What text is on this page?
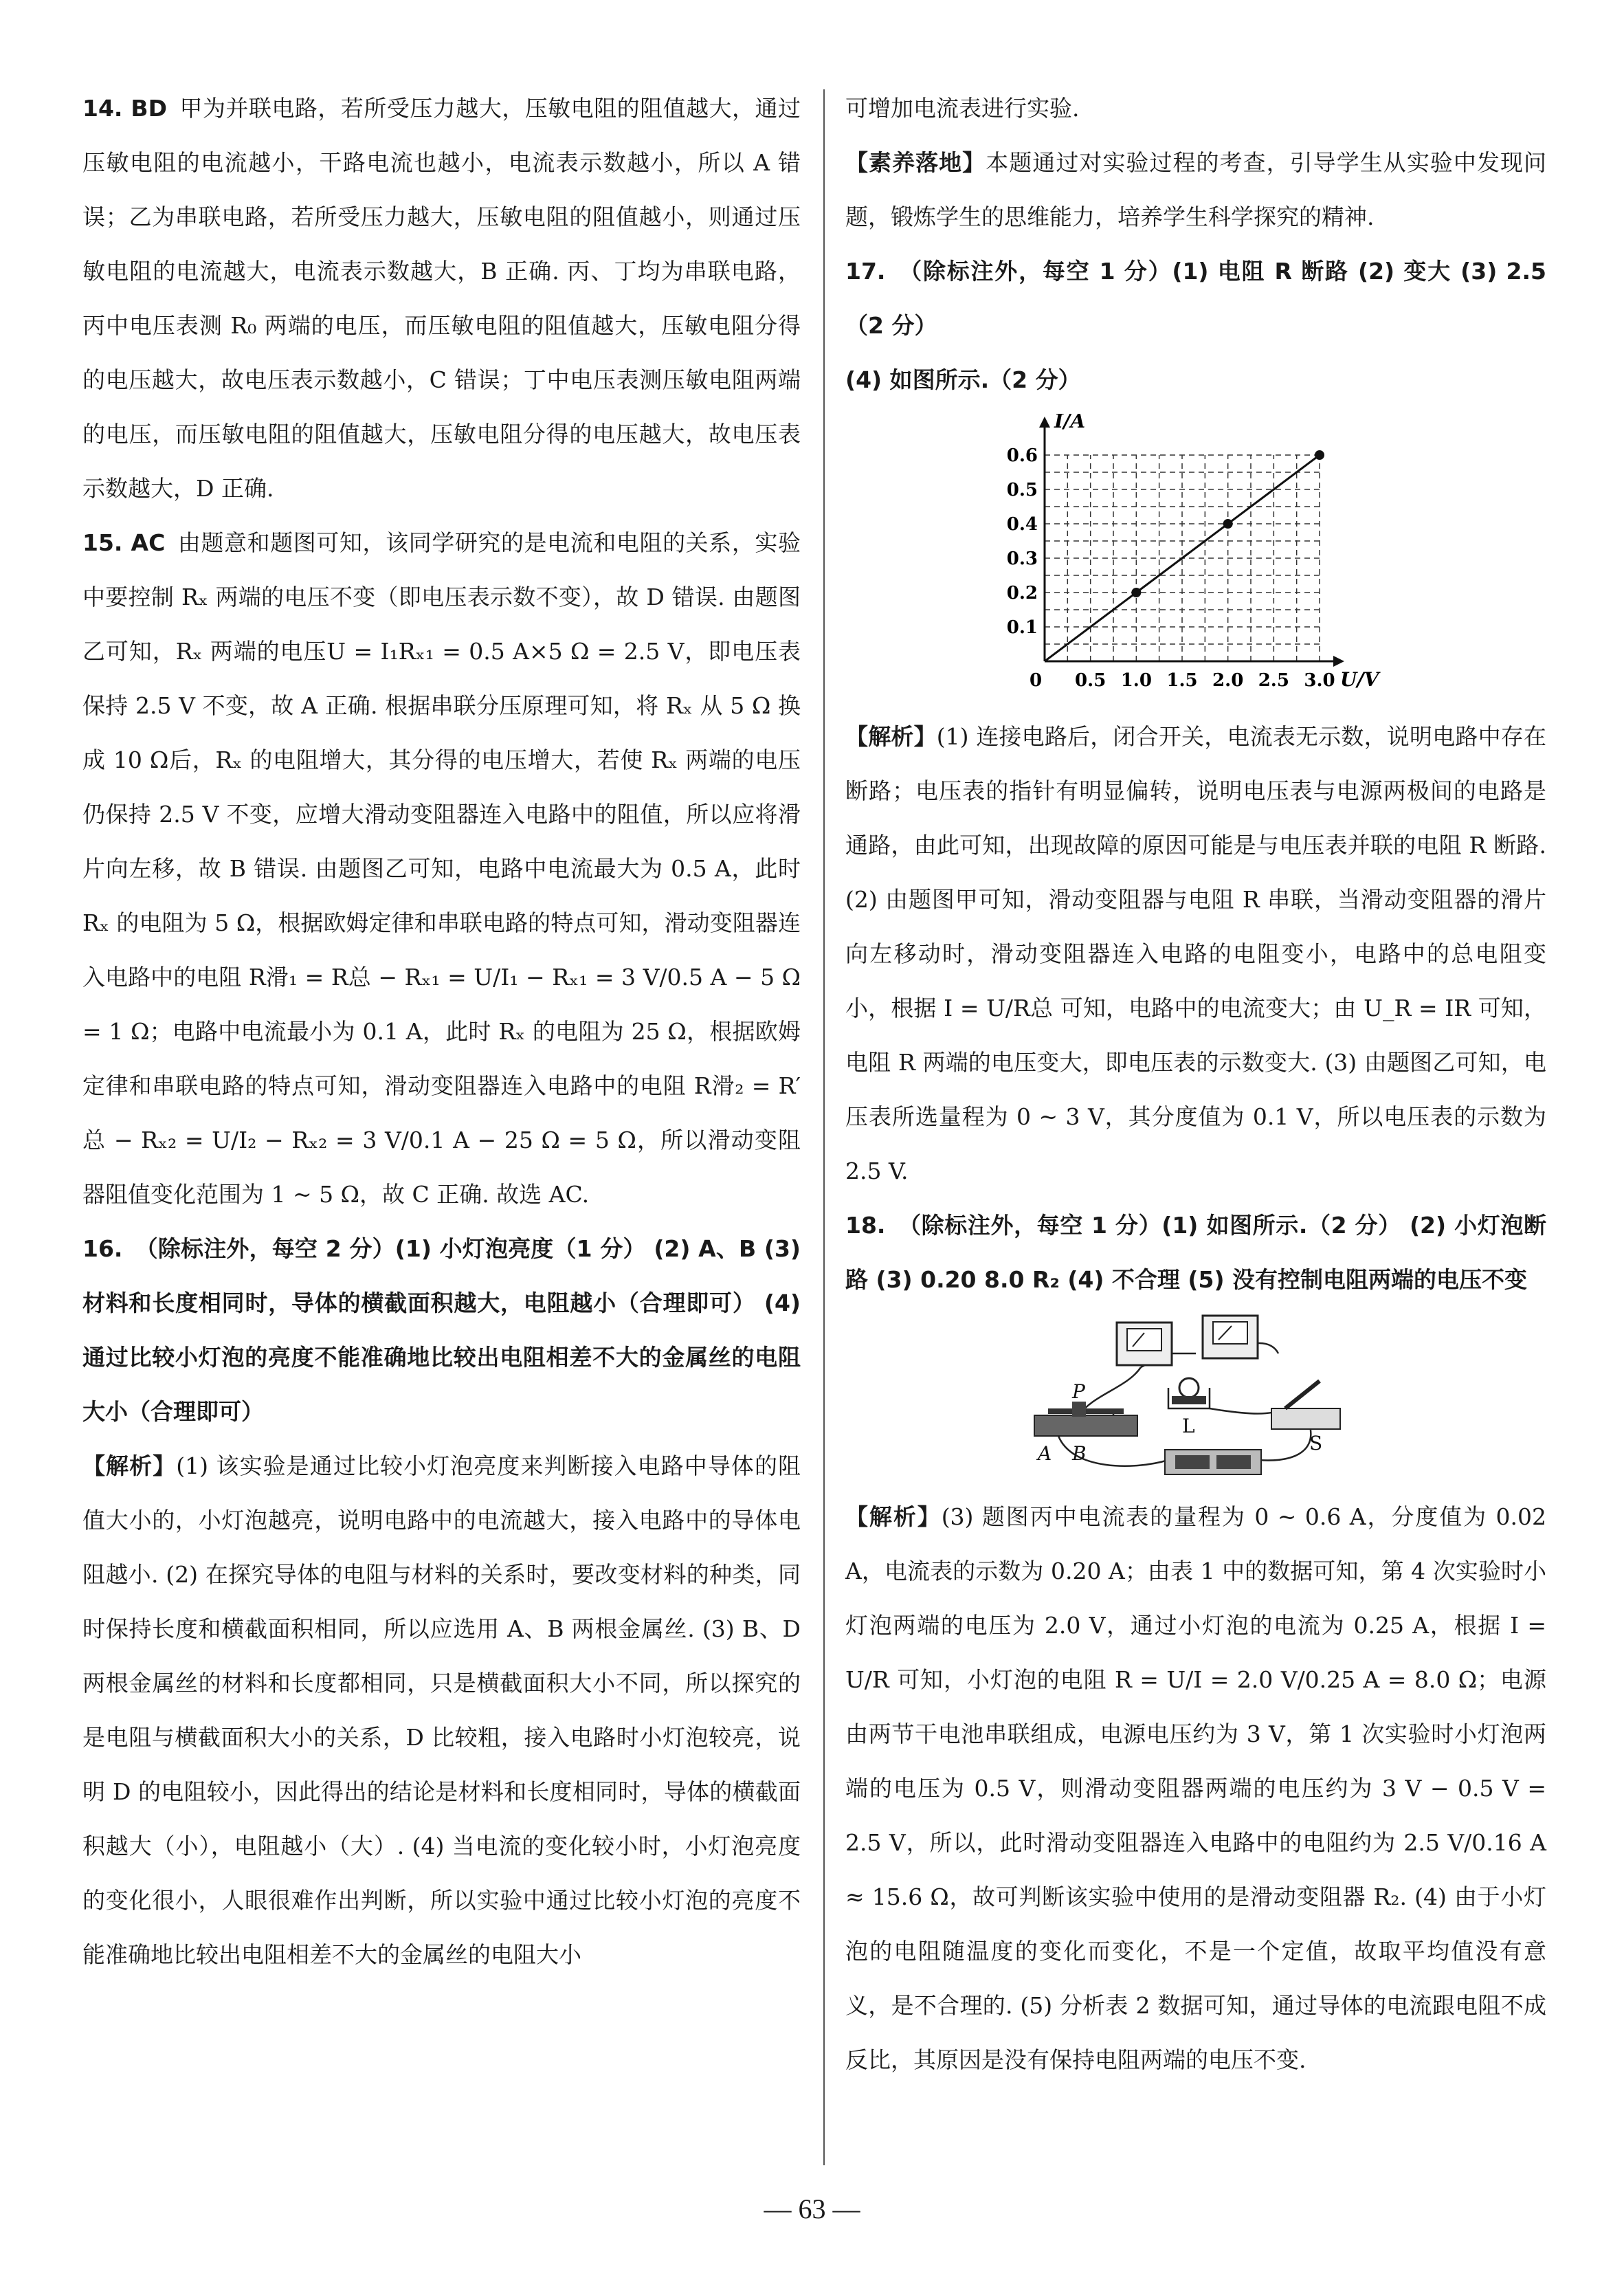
14. BD 甲为并联电路，若所受压力越大，压敏电阻的阻值越大，通过压敏电阻的电流越小，干路电流也越小，电流表示数越小，所以 A 错误；乙为串联电路，若所受压力越大，压敏电阻的阻值越小，则通过压敏电阻的电流越大，电流表示数越大，B 正确. 丙、丁均为串联电路，丙中电压表测 R₀ 两端的电压，而压敏电阻的阻值越大，压敏电阻分得的电压越大，故电压表示数越小，C 错误；丁中电压表测压敏电阻两端的电压，而压敏电阻的阻值越大，压敏电阻分得的电压越大，故电压表示数越大，D 正确.

15. AC 由题意和题图可知，该同学研究的是电流和电阻的关系，实验中要控制 Rₓ 两端的电压不变（即电压表示数不变），故 D 错误. 由题图乙可知，Rₓ 两端的电压U = I₁Rₓ₁ = 0.5 A×5 Ω = 2.5 V，即电压表保持 2.5 V 不变，故 A 正确. 根据串联分压原理可知，将 Rₓ 从 5 Ω 换成 10 Ω后，Rₓ 的电阻增大，其分得的电压增大，若使 Rₓ 两端的电压仍保持 2.5 V 不变，应增大滑动变阻器连入电路中的阻值，所以应将滑片向左移，故 B 错误. 由题图乙可知，电路中电流最大为 0.5 A，此时 Rₓ 的电阻为 5 Ω，根据欧姆定律和串联电路的特点可知，滑动变阻器连入电路中的电阻 R滑₁ = R总 − Rₓ₁ = U/I₁ − Rₓ₁ = 3 V/0.5 A − 5 Ω = 1 Ω；电路中电流最小为 0.1 A，此时 Rₓ 的电阻为 25 Ω，根据欧姆定律和串联电路的特点可知，滑动变阻器连入电路中的电阻 R滑₂ = R′总 − Rₓ₂ = U/I₂ − Rₓ₂ = 3 V/0.1 A − 25 Ω = 5 Ω，所以滑动变阻器阻值变化范围为 1 ~ 5 Ω，故 C 正确. 故选 AC.

16. （除标注外，每空 2 分）(1) 小灯泡亮度（1 分） (2) A、B (3) 材料和长度相同时，导体的横截面积越大，电阻越小（合理即可） (4) 通过比较小灯泡的亮度不能准确地比较出电阻相差不大的金属丝的电阻大小（合理即可）

【解析】(1) 该实验是通过比较小灯泡亮度来判断接入电路中导体的阻值大小的，小灯泡越亮，说明电路中的电流越大，接入电路中的导体电阻越小. (2) 在探究导体的电阻与材料的关系时，要改变材料的种类，同时保持长度和横截面积相同，所以应选用 A、B 两根金属丝. (3) B、D 两根金属丝的材料和长度都相同，只是横截面积大小不同，所以探究的是电阻与横截面积大小的关系，D 比较粗，接入电路时小灯泡较亮，说明 D 的电阻较小，因此得出的结论是材料和长度相同时，导体的横截面积越大（小），电阻越小（大）. (4) 当电流的变化较小时，小灯泡亮度的变化很小，人眼很难作出判断，所以实验中通过比较小灯泡的亮度不能准确地比较出电阻相差不大的金属丝的电阻大小

可增加电流表进行实验.

【素养落地】本题通过对实验过程的考查，引导学生从实验中发现问题，锻炼学生的思维能力，培养学生科学探究的精神.

17. （除标注外，每空 1 分）(1) 电阻 R 断路 (2) 变大 (3) 2.5（2 分）

(4) 如图所示.（2 分）

0.5 1.0 1.5 2.0 2.5 3.0
0.1
0.2
0.3
0.4
0.5
0.6
0	U/V
I/A

【解析】(1) 连接电路后，闭合开关，电流表无示数，说明电路中存在断路；电压表的指针有明显偏转，说明电压表与电源两极间的电路是通路，由此可知，出现故障的原因可能是与电压表并联的电阻 R 断路. (2) 由题图甲可知，滑动变阻器与电阻 R 串联，当滑动变阻器的滑片向左移动时，滑动变阻器连入电路的电阻变小，电路中的总电阻变小，根据 I = U/R总 可知，电路中的电流变大；由 U_R = IR 可知，电阻 R 两端的电压变大，即电压表的示数变大. (3) 由题图乙可知，电压表所选量程为 0 ~ 3 V，其分度值为 0.1 V，所以电压表的示数为 2.5 V.

18. （除标注外，每空 1 分）(1) 如图所示.（2 分） (2) 小灯泡断路 (3) 0.20 8.0 R₂ (4) 不合理 (5) 没有控制电阻两端的电压不变

P
A B
L
S

【解析】(3) 题图丙中电流表的量程为 0 ~ 0.6 A，分度值为 0.02 A，电流表的示数为 0.20 A；由表 1 中的数据可知，第 4 次实验时小灯泡两端的电压为 2.0 V，通过小灯泡的电流为 0.25 A，根据 I = U/R 可知，小灯泡的电阻 R = U/I = 2.0 V/0.25 A = 8.0 Ω；电源由两节干电池串联组成，电源电压约为 3 V，第 1 次实验时小灯泡两端的电压为 0.5 V，则滑动变阻器两端的电压约为 3 V − 0.5 V = 2.5 V，所以，此时滑动变阻器连入电路中的电阻约为 2.5 V/0.16 A ≈ 15.6 Ω，故可判断该实验中使用的是滑动变阻器 R₂. (4) 由于小灯泡的电阻随温度的变化而变化，不是一个定值，故取平均值没有意义，是不合理的. (5) 分析表 2 数据可知，通过导体的电流跟电阻不成反比，其原因是没有保持电阻两端的电压不变.

— 63 —
